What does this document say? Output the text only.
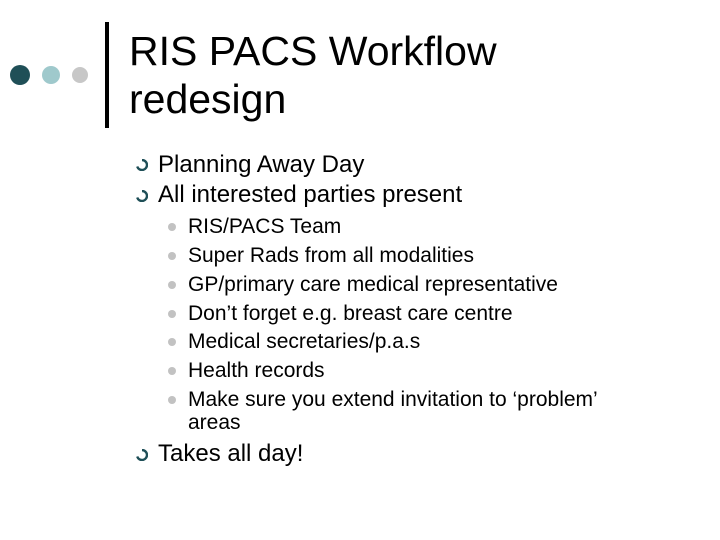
RIS PACS Workflow
redesign
Planning Away Day
All interested parties present
RIS/PACS Team
Super Rads from all modalities
GP/primary care medical representative
Don’t forget e.g. breast care centre
Medical secretaries/p.a.s
Health records
Make sure you extend invitation to ‘problem’
areas
Takes all day!
